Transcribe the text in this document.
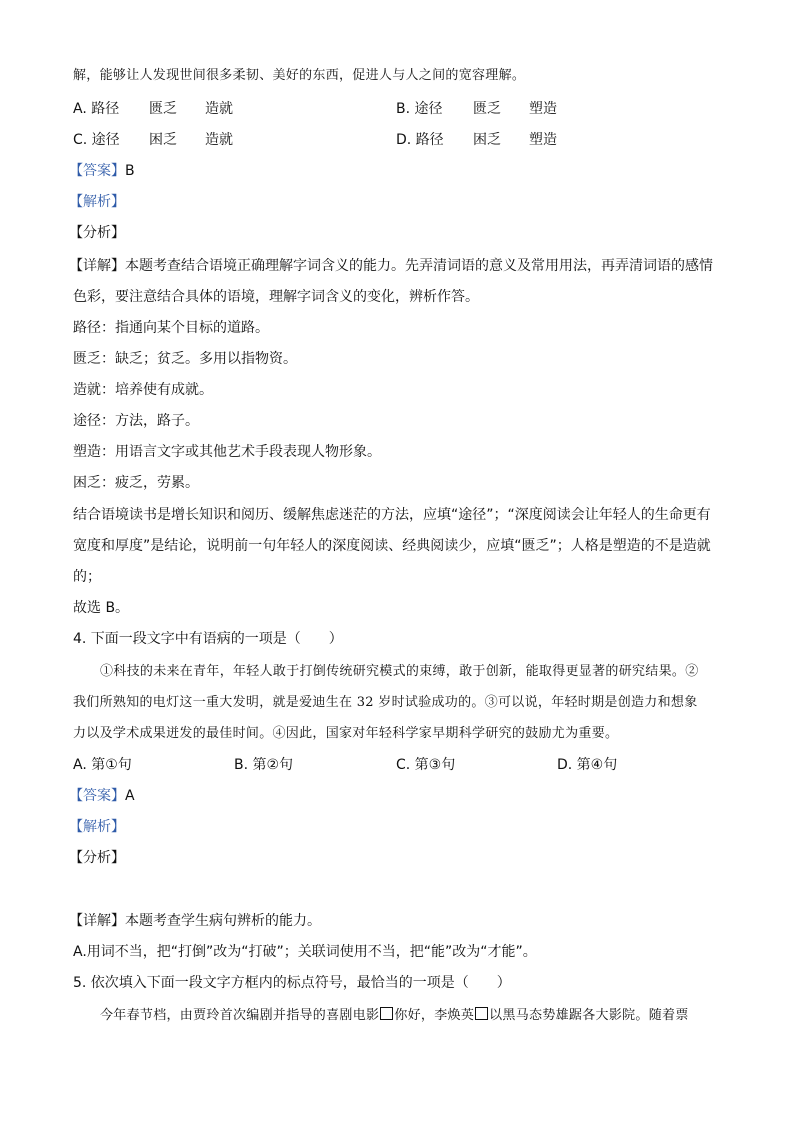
解，能够让人发现世间很多柔韧、美好的东西，促进人与人之间的宽容理解。
A. 路径 匮乏 造就	B. 途径 匮乏 塑造
C. 途径 困乏 造就	D. 路径 困乏 塑造
【答案】B
【解析】
【分析】
【详解】本题考查结合语境正确理解字词含义的能力。先弄清词语的意义及常用用法，再弄清词语的感情
色彩，要注意结合具体的语境，理解字词含义的变化，辨析作答。
路径：指通向某个目标的道路。
匮乏：缺乏；贫乏。多用以指物资。
造就：培养使有成就。
途径：方法，路子。
塑造：用语言文字或其他艺术手段表现人物形象。
困乏：疲乏，劳累。
结合语境读书是增长知识和阅历、缓解焦虑迷茫的方法，应填“途径”；“深度阅读会让年轻人的生命更有
宽度和厚度”是结论，说明前一句年轻人的深度阅读、经典阅读少，应填“匮乏”；人格是塑造的不是造就
的；
故选 B。
4. 下面一段文字中有语病的一项是（　　）
①科技的未来在青年，年轻人敢于打倒传统研究模式的束缚，敢于创新，能取得更显著的研究结果。②
我们所熟知的电灯这一重大发明，就是爱迪生在 32 岁时试验成功的。③可以说，年轻时期是创造力和想象
力以及学术成果迸发的最佳时间。④因此，国家对年轻科学家早期科学研究的鼓励尤为重要。
A. 第①句	B. 第②句	C. 第③句	D. 第④句
【答案】A
【解析】
【分析】
【详解】本题考查学生病句辨析的能力。
A.用词不当，把“打倒”改为“打破”；关联词使用不当，把“能”改为“才能”。
5. 依次填入下面一段文字方框内的标点符号，最恰当的一项是（　　）
今年春节档，由贾玲首次编剧并指导的喜剧电影 你好，李焕英 以黑马态势雄踞各大影院。随着票
